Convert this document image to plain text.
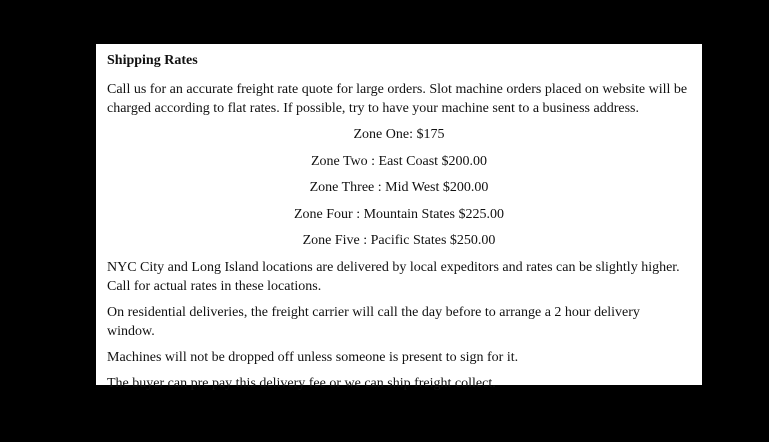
Shipping Rates
Call us for an accurate freight rate quote for large orders. Slot machine orders placed on website will be charged according to flat rates. If possible, try to have your machine sent to a business address.
Zone One: $175
Zone Two : East Coast $200.00
Zone Three : Mid West $200.00
Zone Four : Mountain States $225.00
Zone Five : Pacific States $250.00
NYC City and Long Island locations are delivered by local expeditors and rates can be slightly higher. Call for actual rates in these locations.
On residential deliveries, the freight carrier will call the day before to arrange a 2 hour delivery window.
Machines will not be dropped off unless someone is present to sign for it.
The buyer can pre pay this delivery fee or we can ship freight collect.
